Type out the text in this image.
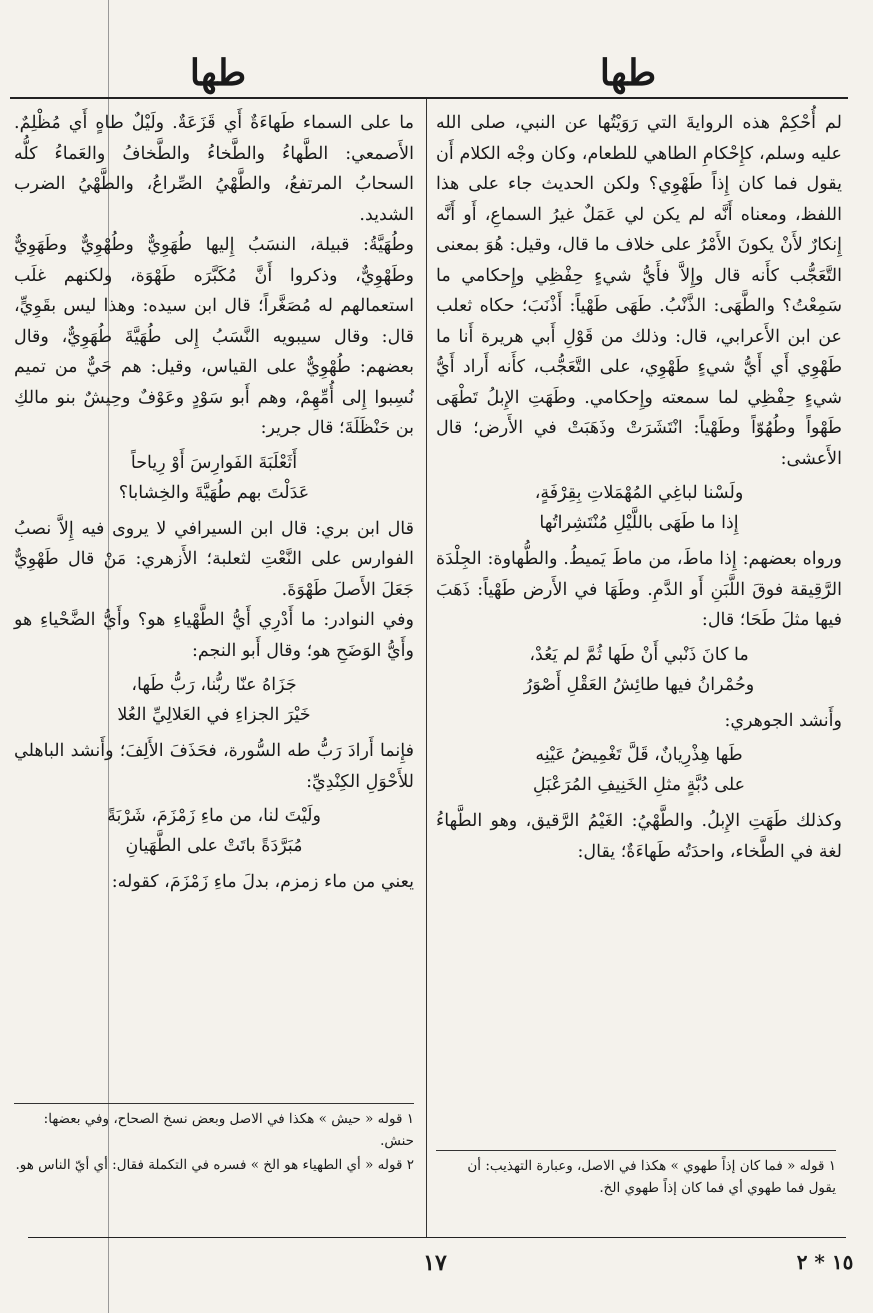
طها	طها

لم أُحْكِمْ هذه الروايةَ التي رَوَيْتُها عن النبي، صلى الله عليه وسلم، كإِحْكامِ الطاهي للطعام، وكان وجْه الكلام أَن يقول فما كان إِذاً طَهْوِي؟ ولكن الحديث جاء على هذا اللفظ، ومعناه أَنَّه لم يكن لي عَمَلٌ غيرُ السماعِ، أَو أَنَّه إِنكارٌ لأَنْ يكونَ الأَمْرُ على خلاف ما قال، وقيل: هُوَ بمعنى التَّعَجُّب كأَنه قال وإِلاَّ فأَيُّ شيءٍ حِفْظِي وإِحكامي ما سَمِعْتُ؟ والطَّهَى: الذَّنْبُ. طَهَى طَهْياً: أَذْنَبَ؛ حكاه ثعلب عن ابن الأَعرابي، قال: وذلك من قَوْلِ أَبي هريرة أَنا ما طَهْوِي أَي أَيُّ شيءٍ طَهْوِي، على التَّعَجُّب، كأَنه أَراد أَيُّ شيءٍ حِفْظِي لما سمعته وإِحكامي. وطَهَتِ الإِبلُ تَطْهَى طَهْواً وطُهُوّاً وطَهْياً: انْتَشَرَتْ وذَهَبَتْ في الأَرض؛ قال الأَعشى:

ولَسْنا لباغِي المُهْمَلاتِ بِقِرْفَةٍ،

إِذا ما طَهَى باللَّيْلِ مُنْتَشِراتُها

ورواه بعضهم: إِذا ماطَ، من ماطَ يَميطُ. والطُّهاوة: الجِلْدَة الرَّقِيقة فوقَ اللَّبَنِ أَو الدَّمِ. وطَهَا في الأَرض طَهْياً: ذَهَبَ فيها مثلَ طَحَا؛ قال:

ما كانَ ذَنْبي أَنْ طَها ثُمَّ لم يَعُدْ،

وحُمْرانُ فيها طائِشُ العَقْلِ أَصْوَرُ

وأَنشد الجوهري:

طَها هِذْرِيانٌ، قَلَّ تَغْمِيضُ عَيْنِه

على دُبَّةٍ مثلِ الخَنِيفِ المُرَعْبَلِ

وكذلك طَهَتِ الإِبلُ. والطَّهْيُ: الغَيْمُ الرَّقيق، وهو الطَّهاءُ لغة في الطَّخاء، واحدَتُه طَهاءَةٌ؛ يقال:

ما على السماء طَهاءَةٌ أَي قَزَعَةٌ. ولَيْلٌ طاهٍ أَي مُظْلِمٌ. الأَصمعي: الطَّهاءُ والطَّخاءُ والطَّخافُ والعَماءُ كلُّه السحابُ المرتفعُ، والطَّهْيُ الصِّراعُ، والطَّهْيُ الضرب الشديد.

وطُهَيَّةُ: قبيلة، النسَبُ إِليها طُهَوِيٌّ وطُهْوِيٌّ وطَهَوِيٌّ وطَهْوِيٌّ، وذكروا أَنَّ مُكَبَّرَه طَهْوَة، ولكنهم غلَب استعمالهم له مُصَغَّراً؛ قال ابن سيده: وهذا ليس بقَوِيٍّ، قال: وقال سيبويه النَّسَبُ إِلى طُهَيَّةَ طُهَوِيٌّ، وقال بعضهم: طُهْوِيٌّ على القياس، وقيل: هم حَيٌّ من تميم نُسِبوا إِلى أُمِّهِمْ، وهم أَبو سَوْدٍ وعَوْفٌ وحِيشٌ بنو مالكِ بن حَنْظَلَةَ؛ قال جرير:

أَثَعْلَبَةَ الفَوارِسَ أَوْ رِياحاً

عَدَلْتَ بهم طُهَيَّةَ والخِشابا؟

قال ابن بري: قال ابن السيرافي لا يروى فيه إِلاَّ نصبُ الفوارس على النَّعْتِ لثعلبة؛ الأَزهري: مَنْ قال طَهْوِيٌّ جَعَلَ الأَصلَ طَهْوَةَ.

وفي النوادر: ما أَدْرِي أَيُّ الطَّهْياءِ هو؟ وأَيُّ الضَّحْياءِ هو وأَيُّ الوَضَحِ هو؛ وقال أَبو النجم:

جَزَاهُ عنّا ربُّنا، رَبُّ طَها،

خَيْرَ الجزاءِ في العَلالِيِّ العُلا

فإِنما أَرادَ رَبُّ طه السُّورة، فحَذَفَ الأَلِفَ؛ وأَنشد الباهلي للأَحْوَلِ الكِنْدِيِّ:

ولَيْتَ لنا، من ماءِ زَمْزَمَ، شَرْبَةً

مُبَرَّدَةً باتَتْ على الطَّهَيانِ

يعني من ماء زمزم، بدلَ ماءِ زَمْزَمَ، كقوله:

١ قوله « حيش » هكذا في الاصل وبعض نسخ الصحاح، وفي بعضها: حنش.

٢ قوله « أي الطهياء هو الخ » فسره في التكملة فقال: أي أيّ الناس هو.	١ قوله « فما كان إذاً طهوي » هكذا في الاصل، وعبارة التهذيب: أن يقول فما طهوي أي فما كان إذاً طهوي الخ.

١٧	١٥ * ٢
